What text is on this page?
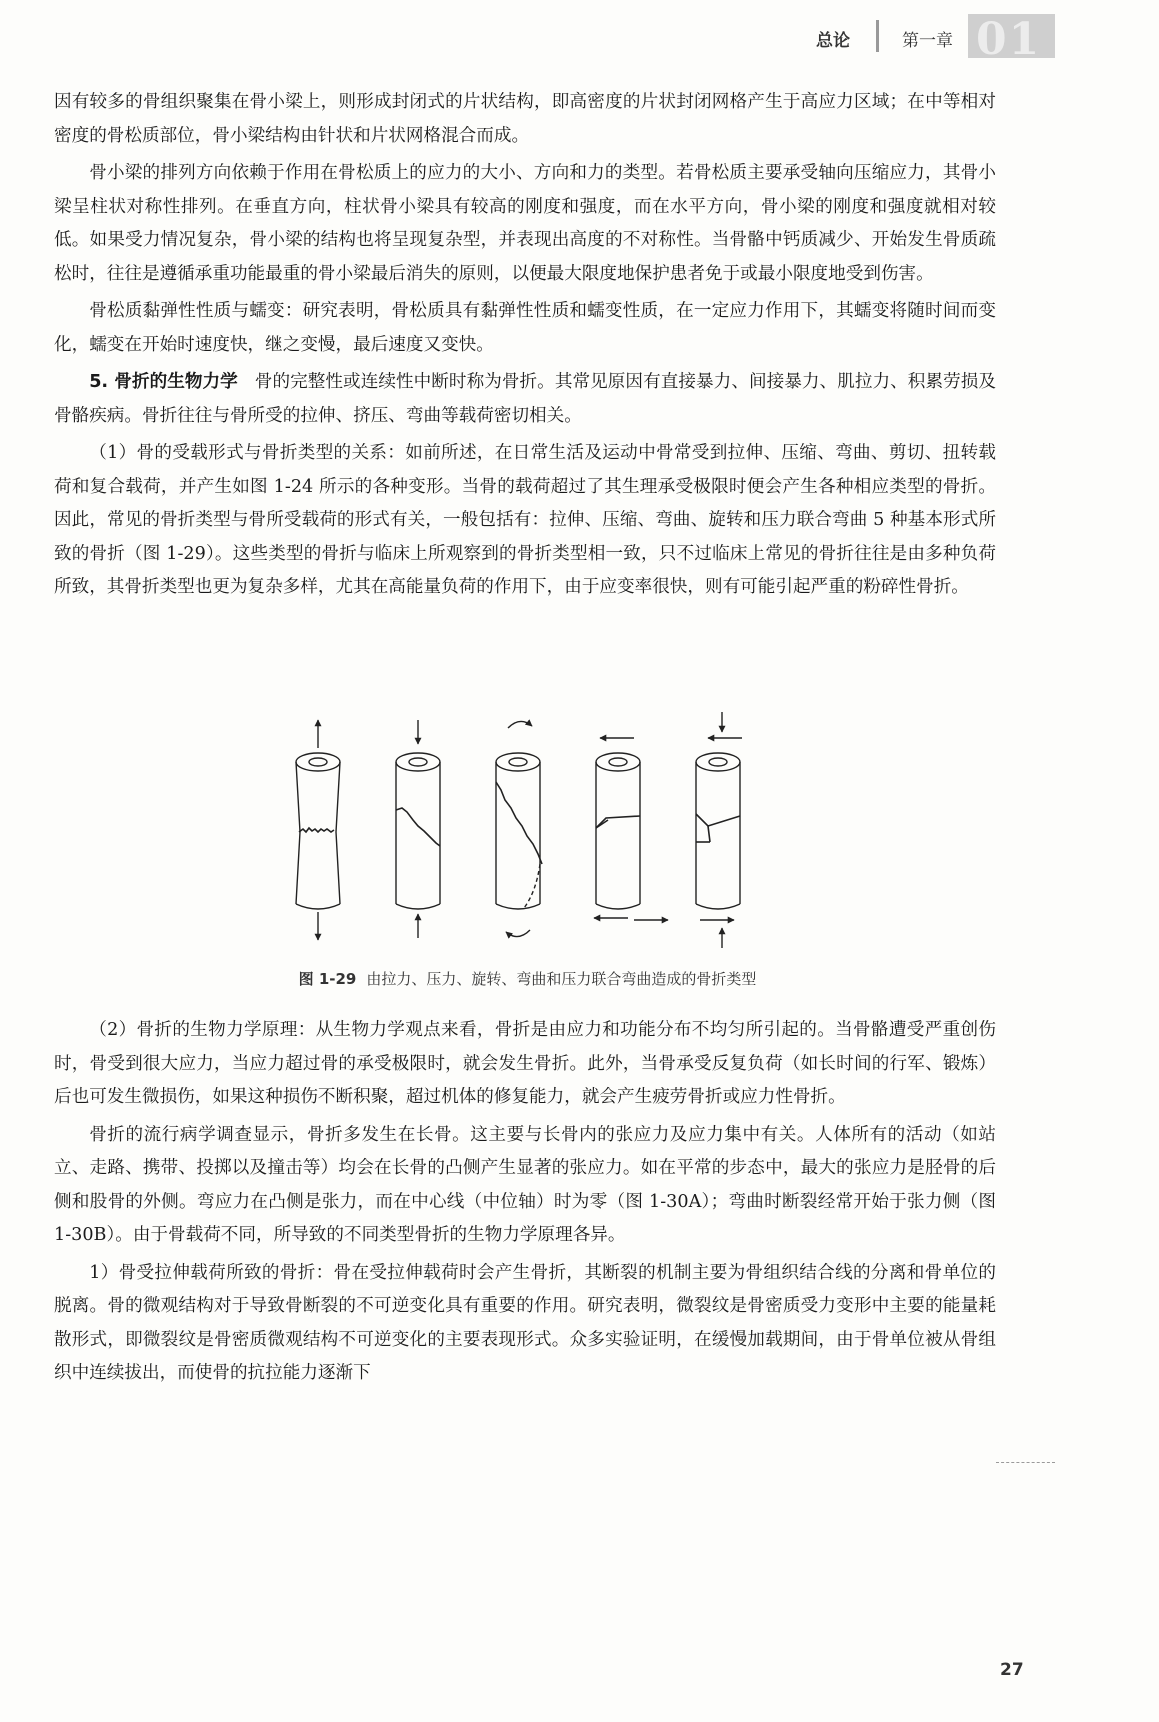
总论	第一章 01

因有较多的骨组织聚集在骨小梁上，则形成封闭式的片状结构，即高密度的片状封闭网格产生于高应力区域；在中等相对密度的骨松质部位，骨小梁结构由针状和片状网格混合而成。

骨小梁的排列方向依赖于作用在骨松质上的应力的大小、方向和力的类型。若骨松质主要承受轴向压缩应力，其骨小梁呈柱状对称性排列。在垂直方向，柱状骨小梁具有较高的刚度和强度，而在水平方向，骨小梁的刚度和强度就相对较低。如果受力情况复杂，骨小梁的结构也将呈现复杂型，并表现出高度的不对称性。当骨骼中钙质减少、开始发生骨质疏松时，往往是遵循承重功能最重的骨小梁最后消失的原则，以便最大限度地保护患者免于或最小限度地受到伤害。

骨松质黏弹性性质与蠕变：研究表明，骨松质具有黏弹性性质和蠕变性质，在一定应力作用下，其蠕变将随时间而变化，蠕变在开始时速度快，继之变慢，最后速度又变快。

5. 骨折的生物力学 骨的完整性或连续性中断时称为骨折。其常见原因有直接暴力、间接暴力、肌拉力、积累劳损及骨骼疾病。骨折往往与骨所受的拉伸、挤压、弯曲等载荷密切相关。

（1）骨的受载形式与骨折类型的关系：如前所述，在日常生活及运动中骨常受到拉伸、压缩、弯曲、剪切、扭转载荷和复合载荷，并产生如图 1-24 所示的各种变形。当骨的载荷超过了其生理承受极限时便会产生各种相应类型的骨折。因此，常见的骨折类型与骨所受载荷的形式有关，一般包括有：拉伸、压缩、弯曲、旋转和压力联合弯曲 5 种基本形式所致的骨折（图 1-29）。这些类型的骨折与临床上所观察到的骨折类型相一致，只不过临床上常见的骨折往往是由多种负荷所致，其骨折类型也更为复杂多样，尤其在高能量负荷的作用下，由于应变率很快，则有可能引起严重的粉碎性骨折。

图 1-29 由拉力、压力、旋转、弯曲和压力联合弯曲造成的骨折类型

（2）骨折的生物力学原理：从生物力学观点来看，骨折是由应力和功能分布不均匀所引起的。当骨骼遭受严重创伤时，骨受到很大应力，当应力超过骨的承受极限时，就会发生骨折。此外，当骨承受反复负荷（如长时间的行军、锻炼）后也可发生微损伤，如果这种损伤不断积聚，超过机体的修复能力，就会产生疲劳骨折或应力性骨折。

骨折的流行病学调查显示，骨折多发生在长骨。这主要与长骨内的张应力及应力集中有关。人体所有的活动（如站立、走路、携带、投掷以及撞击等）均会在长骨的凸侧产生显著的张应力。如在平常的步态中，最大的张应力是胫骨的后侧和股骨的外侧。弯应力在凸侧是张力，而在中心线（中位轴）时为零（图 1-30A）；弯曲时断裂经常开始于张力侧（图 1-30B）。由于骨载荷不同，所导致的不同类型骨折的生物力学原理各异。

1）骨受拉伸载荷所致的骨折：骨在受拉伸载荷时会产生骨折，其断裂的机制主要为骨组织结合线的分离和骨单位的脱离。骨的微观结构对于导致骨断裂的不可逆变化具有重要的作用。研究表明，微裂纹是骨密质受力变形中主要的能量耗散形式，即微裂纹是骨密质微观结构不可逆变化的主要表现形式。众多实验证明，在缓慢加载期间，由于骨单位被从骨组织中连续拔出，而使骨的抗拉能力逐渐下

27
